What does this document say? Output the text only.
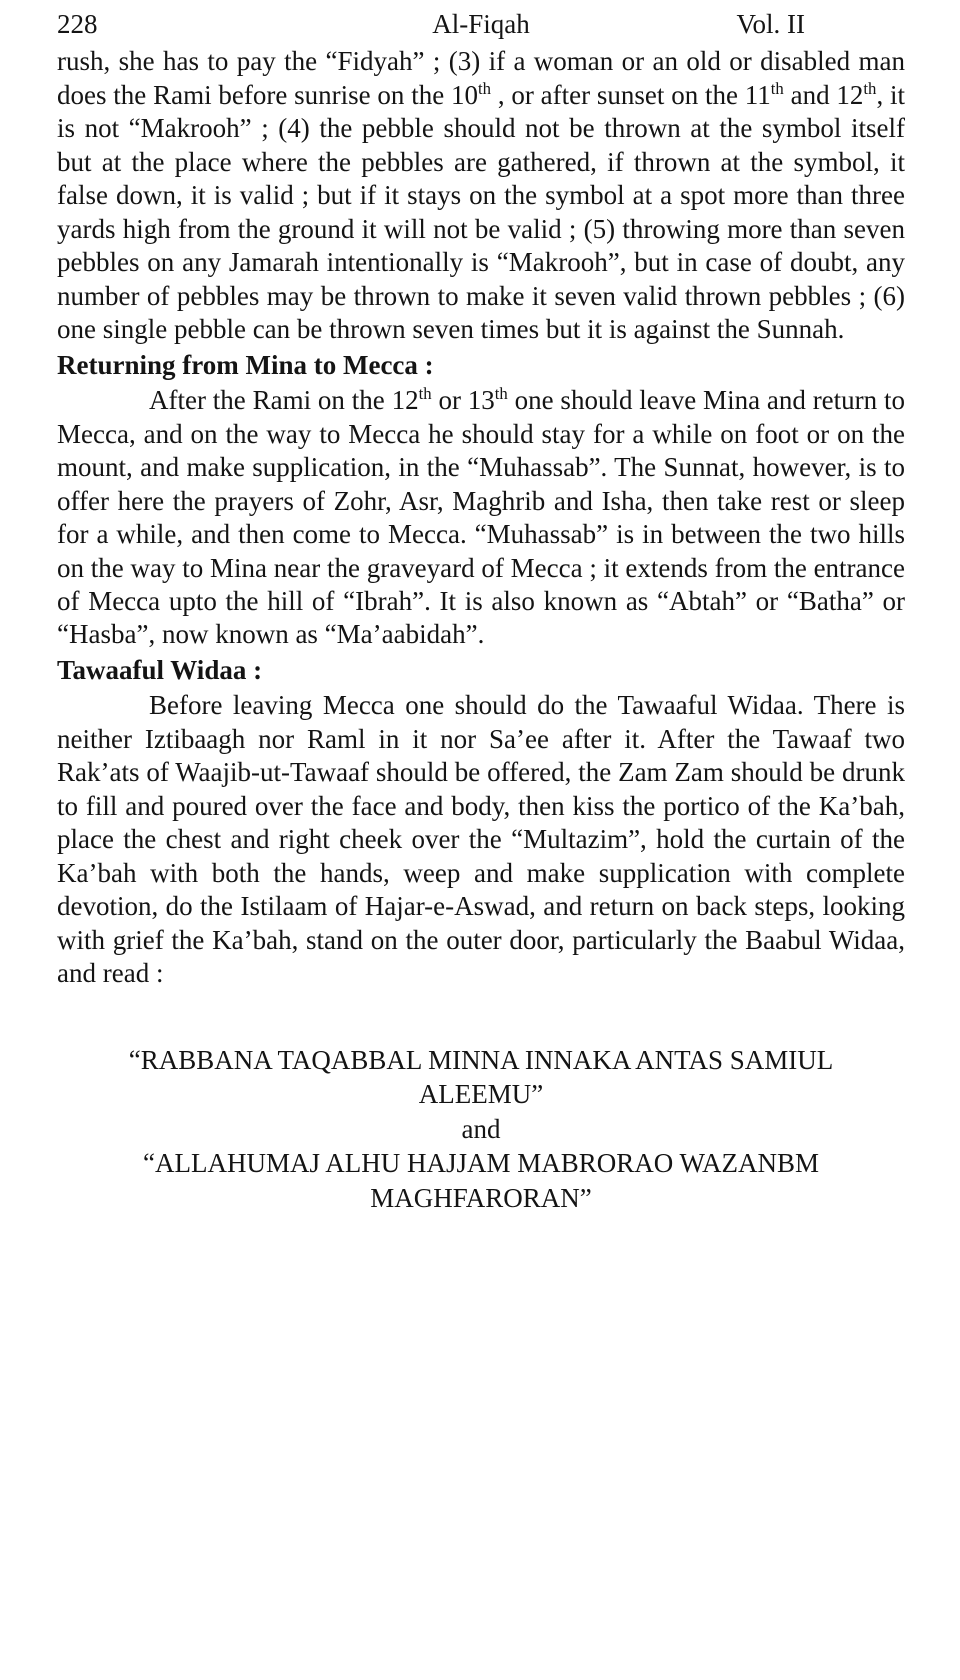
228	Al-Fiqah	Vol. II

rush, she has to pay the “Fidyah” ; (3) if a woman or an old or disabled man does the Rami before sunrise on the 10th , or after sunset on the 11th and 12th, it is not “Makrooh” ; (4) the pebble should not be thrown at the symbol itself but at the place where the pebbles are gathered, if thrown at the symbol, it false down, it is valid ; but if it stays on the symbol at a spot more than three yards high from the ground it will not be valid ; (5) throwing more than seven pebbles on any Jamarah intentionally is “Makrooh”, but in case of doubt, any number of pebbles may be thrown to make it seven valid thrown pebbles ; (6) one single pebble can be thrown seven times but it is against the Sunnah.

Returning from Mina to Mecca :

After the Rami on the 12th or 13th one should leave Mina and return to Mecca, and on the way to Mecca he should stay for a while on foot or on the mount, and make supplication, in the “Muhassab”. The Sunnat, however, is to offer here the prayers of Zohr, Asr, Maghrib and Isha, then take rest or sleep for a while, and then come to Mecca. “Muhassab” is in between the two hills on the way to Mina near the graveyard of Mecca ; it extends from the entrance of Mecca upto the hill of “Ibrah”. It is also known as “Abtah” or “Batha” or “Hasba”, now known as “Ma’aabidah”.

Tawaaful Widaa :

Before leaving Mecca one should do the Tawaaful Widaa. There is neither Iztibaagh nor Raml in it nor Sa’ee after it. After the Tawaaf two Rak’ats of Waajib-ut-Tawaaf should be offered, the Zam Zam should be drunk to fill and poured over the face and body, then kiss the portico of the Ka’bah, place the chest and right cheek over the “Multazim”, hold the curtain of the Ka’bah with both the hands, weep and make supplication with complete devotion, do the Istilaam of Hajar-e-Aswad, and return on back steps, looking with grief the Ka’bah, stand on the outer door, particularly the Baabul Widaa, and read :

“RABBANA TAQABBAL MINNA INNAKA ANTAS SAMIUL ALEEMU”

and

“ALLAHUMAJ ALHU HAJJAM MABRORAO WAZANBM MAGHFARORAN”
